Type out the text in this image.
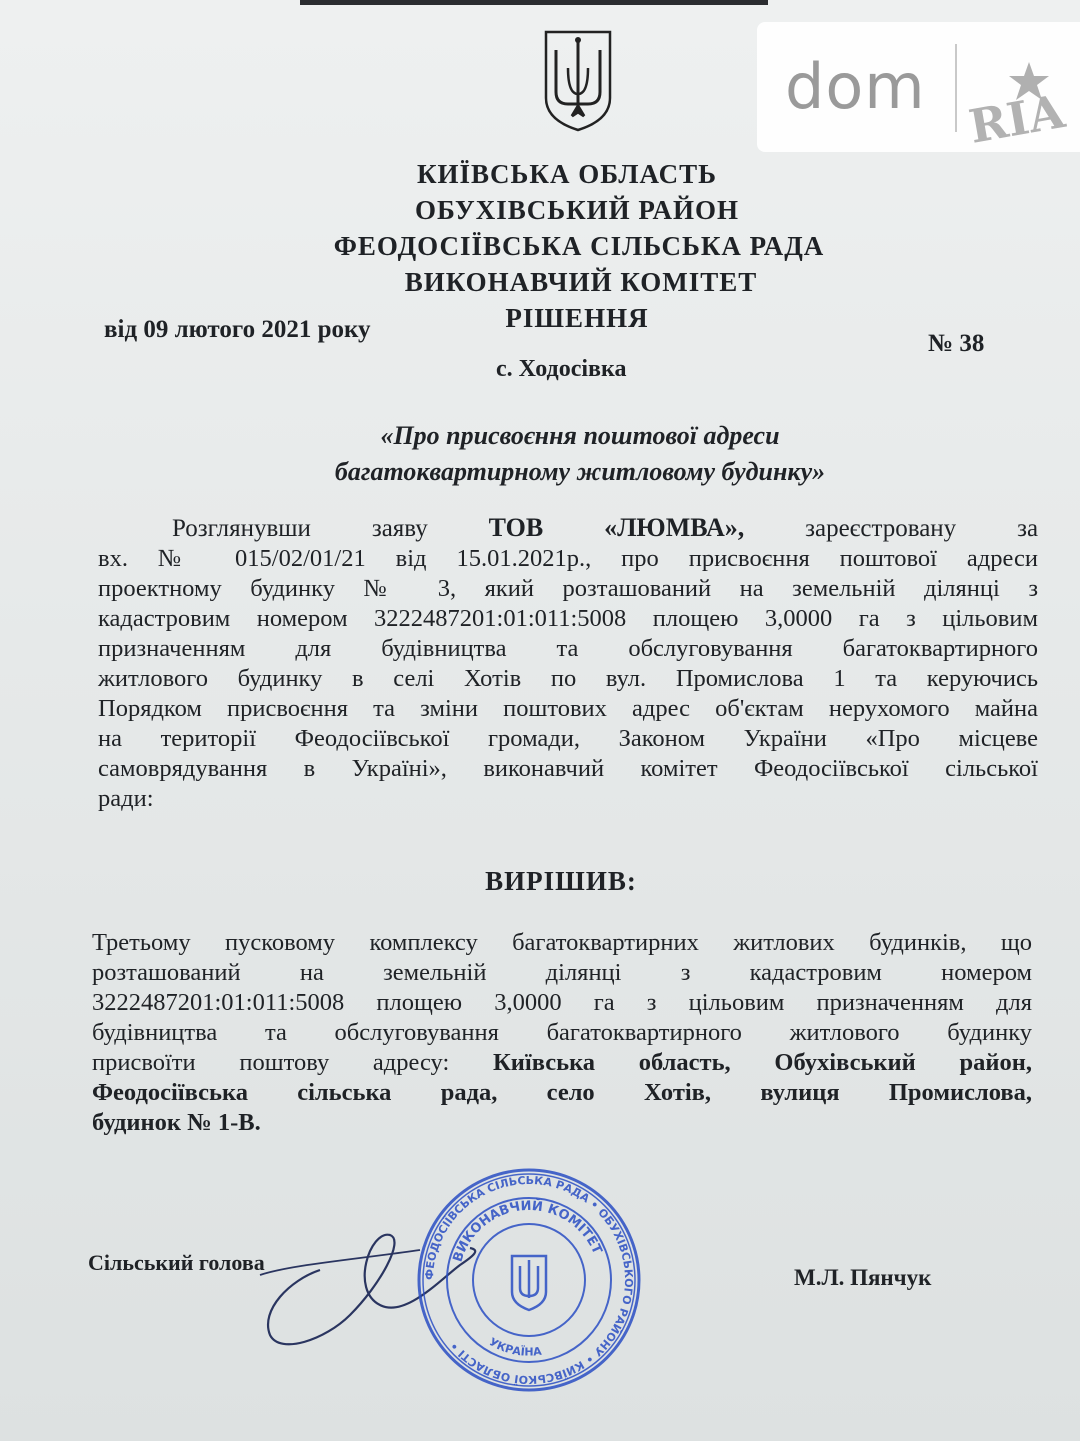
dom RIA
КИЇВСЬКА ОБЛАСТЬ
ОБУХІВСЬКИЙ РАЙОН
ФЕОДОСІЇВСЬКА СІЛЬСЬКА РАДА
ВИКОНАВЧИЙ КОМІТЕТ
РІШЕННЯ
від 09 лютого 2021 року
№ 38
с. Ходосівка
«Про присвоєння поштової адреси
багатоквартирному житловому будинку»
Розглянувши заяву ТОВ «ЛЮМВА», зареєстровану за
вх. № 015/02/01/21 від 15.01.2021р., про присвоєння поштової адреси
проектному будинку № 3, який розташований на земельній ділянці з
кадастровим номером 3222487201:01:011:5008 площею 3,0000 га з цільовим
призначенням для будівництва та обслуговування багатоквартирного
житлового будинку в селі Хотів по вул. Промислова 1 та керуючись
Порядком присвоєння та зміни поштових адрес об'єктам нерухомого майна
на території Феодосіївської громади, Законом України «Про місцеве
самоврядування в Україні», виконавчий комітет Феодосіївської сільської
ради:
ВИРІШИВ:
Третьому пусковому комплексу багатоквартирних житлових будинків, що
розташований на земельній ділянці з кадастровим номером
3222487201:01:011:5008 площею 3,0000 га з цільовим призначенням для
будівництва та обслуговування багатоквартирного житлового будинку
присвоїти поштову адресу: Київська область, Обухівський район,
Феодосіївська сільська рада, село Хотів, вулиця Промислова,
будинок № 1-В.
Сільський голова
М.Л. Пянчук
ФЕОДОСІЇВСЬКА СІЛЬСЬКА РАДА • ОБУХІВСЬКОГО РАЙОНУ • КИЇВСЬКОЇ ОБЛАСТІ •
ВИКОНАВЧИЙ КОМІТЕТ
УКРАЇНА
